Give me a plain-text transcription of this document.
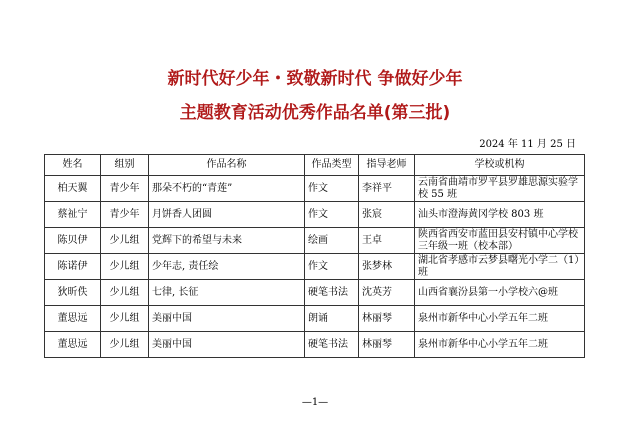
新时代好少年・致敬新时代 争做好少年
主题教育活动优秀作品名单(第三批)
2024 年 11 月 25 日
姓名	组别	作品名称	作品类型	指导老师	学校或机构
柏天翼	青少年	那朵不朽的“青莲”	作文	李祥平	云南省曲靖市罗平县罗雄思源实验学校 55 班
蔡祉宁	青少年	月饼香人团圆	作文	张宸	汕头市澄海黄冈学校 803 班
陈贝伊	少儿组	党辉下的希望与未来	绘画	王卓	陕西省西安市蓝田县安村镇中心学校三年级一班（校本部）
陈诺伊	少儿组	少年志, 责任绘	作文	张梦林	湖北省孝感市云梦县曙光小学二（1）班
狄昕佚	少儿组	七律, 长征	硬笔书法	沈英芳	山西省襄汾县第一小学校六@班
董思远	少儿组	美丽中国	朗诵	林丽琴	泉州市新华中心小学五年二班
董思远	少儿组	美丽中国	硬笔书法	林丽琴	泉州市新华中心小学五年二班
—1—
